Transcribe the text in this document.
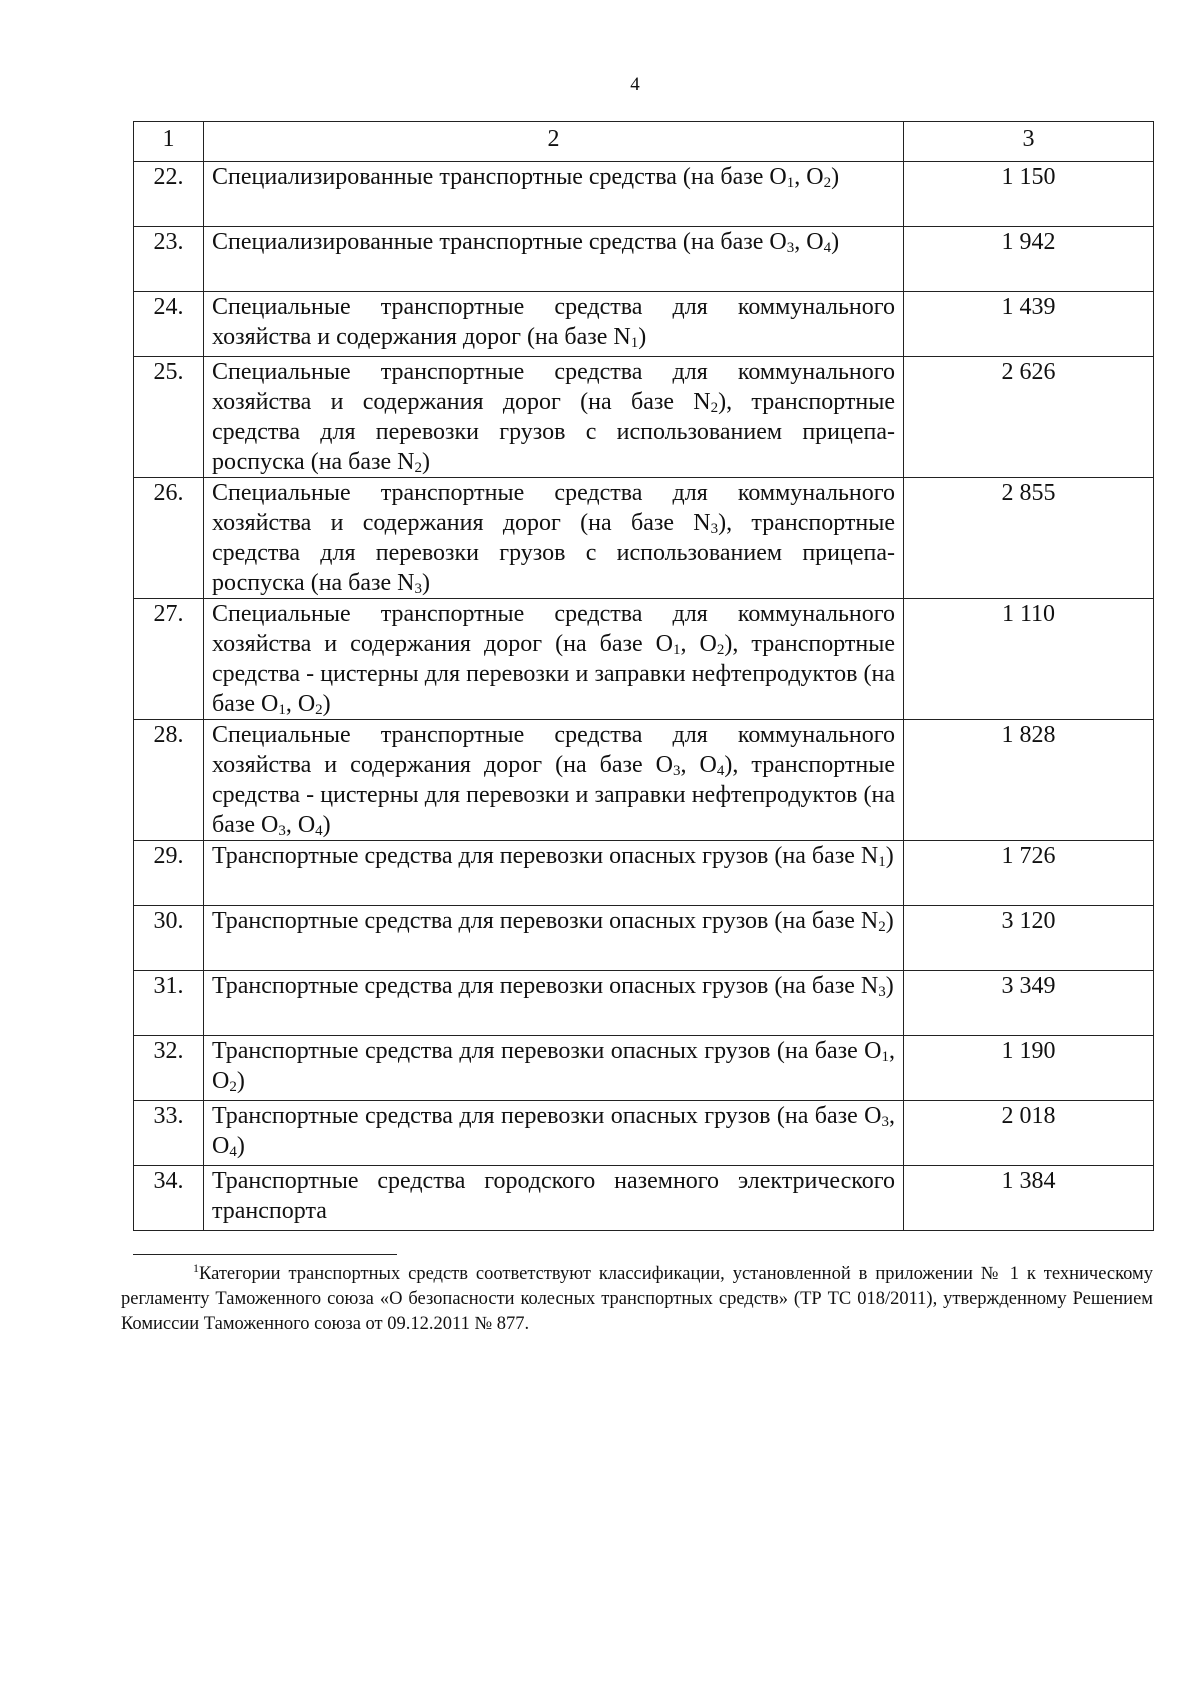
4
1	2	3
22.	Специализированные транспортные средства (на базе $O_1$, $O_2$)	1 150
23.	Специализированные транспортные средства (на базе $O_3$, $O_4$)	1 942
24.	Специальные транспортные средства для коммунального хозяйства и содержания дорог (на базе $N_1$)	1 439
25.	Специальные транспортные средства для коммунального хозяйства и содержания дорог (на базе $N_2$), транспортные средства для перевозки грузов с использованием прицепа-роспуска (на базе $N_2$)	2 626
26.	Специальные транспортные средства для коммунального хозяйства и содержания дорог (на базе $N_3$), транспортные средства для перевозки грузов с использованием прицепа-роспуска (на базе $N_3$)	2 855
27.	Специальные транспортные средства для коммунального хозяйства и содержания дорог (на базе $O_1$, $O_2$), транспортные средства - цистерны для перевозки и заправки нефтепродуктов (на базе $O_1$, $O_2$)	1 110
28.	Специальные транспортные средства для коммунального хозяйства и содержания дорог (на базе $O_3$, $O_4$), транспортные средства - цистерны для перевозки и заправки нефтепродуктов (на базе $O_3$, $O_4$)	1 828
29.	Транспортные средства для перевозки опасных грузов (на базе $N_1$)	1 726
30.	Транспортные средства для перевозки опасных грузов (на базе $N_2$)	3 120
31.	Транспортные средства для перевозки опасных грузов (на базе $N_3$)	3 349
32.	Транспортные средства для перевозки опасных грузов (на базе $O_1$, $O_2$)	1 190
33.	Транспортные средства для перевозки опасных грузов (на базе $O_3$, $O_4$)	2 018
34.	Транспортные средства городского наземного электрического транспорта	1 384
$^1$Категории транспортных средств соответствуют классификации, установленной в приложении № 1 к техническому регламенту Таможенного союза «О безопасности колесных транспортных средств» (ТР ТС 018/2011), утвержденному Решением Комиссии Таможенного союза от 09.12.2011 № 877.
